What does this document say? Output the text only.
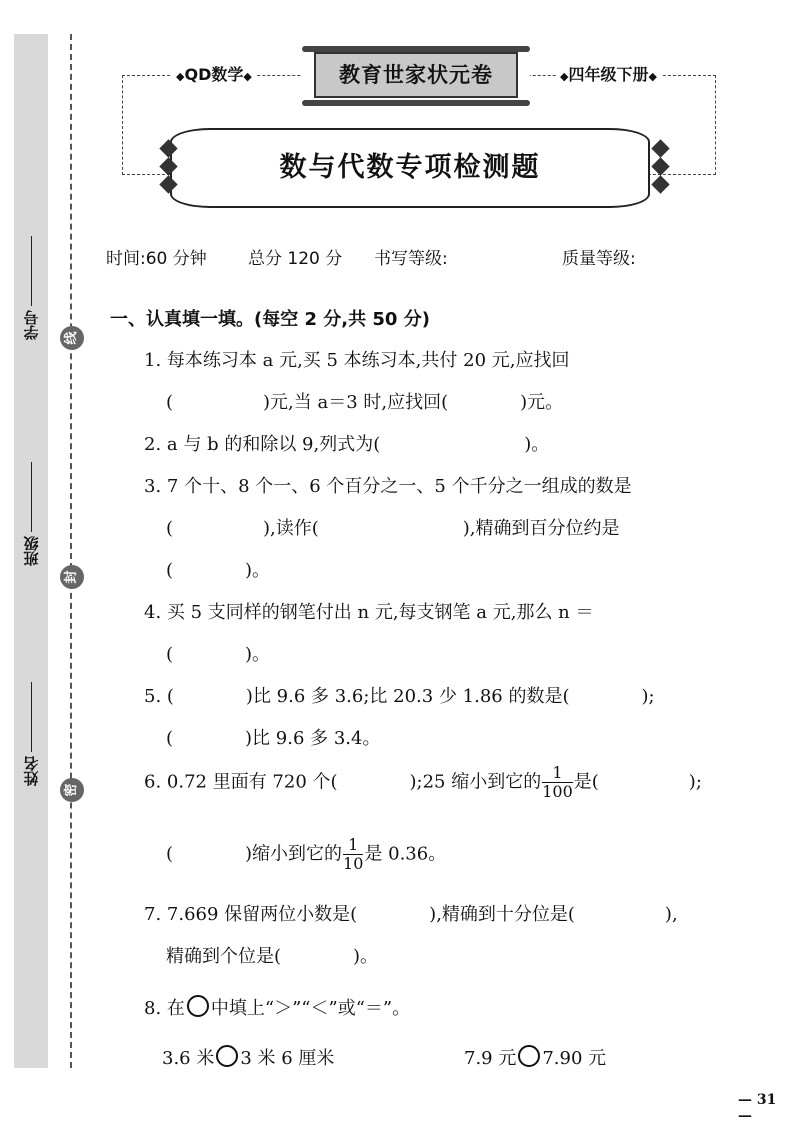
学号
班级
姓名
线
封
密
◆QD数学◆	◆四年级下册◆
教育世家状元卷
数与代数专项检测题
时间:60 分钟 总分 120 分 书写等级:	质量等级:
一、认真填一填。(每空 2 分,共 50 分)
1. 每本练习本 a 元,买 5 本练习本,共付 20 元,应找回
(　　　　　)元,当 a＝3 时,应找回(　　　　)元。
2. a 与 b 的和除以 9,列式为(　　　　　　　　)。
3. 7 个十、8 个一、6 个百分之一、5 个千分之一组成的数是
(　　　　　),读作(　　　　　　　　),精确到百分位约是
(　　　　)。
4. 买 5 支同样的钢笔付出 n 元,每支钢笔 a 元,那么 n ＝
(　　　　)。
5. (　　　　)比 9.6 多 3.6;比 20.3 少 1.86 的数是(　　　　);
(　　　　)比 9.6 多 3.4。
6. 0.72 里面有 720 个(　　　　);25 缩小到它的 $\frac{1}{100}$ 是(　　　　　);
(　　　　)缩小到它的 $\frac{1}{10}$ 是 0.36。
7. 7.669 保留两位小数是(　　　　),精确到十分位是(　　　　　),
精确到个位是(　　　　)。
8. 在 中填上“＞”“＜”或“＝”。
3.6 米 3 米 6 厘米	7.9 元 7.90 元
— 31 —
